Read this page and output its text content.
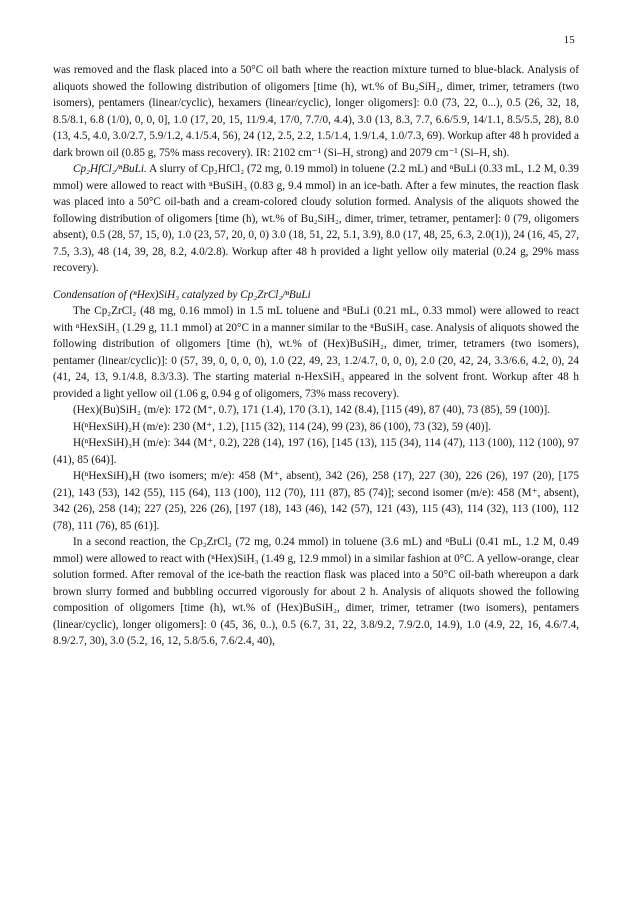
15

was removed and the flask placed into a 50°C oil bath where the reaction mixture turned to blue-black. Analysis of aliquots showed the following distribution of oligomers [time (h), wt.% of Bu₂SiH₂, dimer, trimer, tetramers (two isomers), pentamers (linear/cyclic), hexamers (linear/cyclic), longer oligomers]: 0.0 (73, 22, 0...), 0.5 (26, 32, 18, 8.5/8.1, 6.8 (1/0), 0, 0, 0], 1.0 (17, 20, 15, 11/9.4, 17/0, 7.7/0, 4.4), 3.0 (13, 8.3, 7.7, 6.6/5.9, 14/1.1, 8.5/5.5, 28), 8.0 (13, 4.5, 4.0, 3.0/2.7, 5.9/1.2, 4.1/5.4, 56), 24 (12, 2.5, 2.2, 1.5/1.4, 1.9/1.4, 1.0/7.3, 69). Workup after 48 h provided a dark brown oil (0.85 g, 75% mass recovery). IR: 2102 cm⁻¹ (Si–H, strong) and 2079 cm⁻¹ (Si–H, sh).

Cp₂HfCl₂/ⁿBuLi. A slurry of Cp₂HfCl₂ (72 mg, 0.19 mmol) in toluene (2.2 mL) and ⁿBuLi (0.33 mL, 1.2 M, 0.39 mmol) were allowed to react with ⁿBuSiH₃ (0.83 g, 9.4 mmol) in an ice-bath. After a few minutes, the reaction flask was placed into a 50°C oil-bath and a cream-colored cloudy solution formed. Analysis of the aliquots showed the following distribution of oligomers [time (h), wt.% of Bu₂SiH₂, dimer, trimer, tetramer, pentamer]: 0 (79, oligomers absent), 0.5 (28, 57, 15, 0), 1.0 (23, 57, 20, 0, 0) 3.0 (18, 51, 22, 5.1, 3.9), 8.0 (17, 48, 25, 6.3, 2.0(1)), 24 (16, 45, 27, 7.5, 3.3), 48 (14, 39, 28, 8.2, 4.0/2.8). Workup after 48 h provided a light yellow oily material (0.24 g, 29% mass recovery).

Condensation of (ⁿHex)SiH₃ catalyzed by Cp₂ZrCl₂/ⁿBuLi

The Cp₂ZrCl₂ (48 mg, 0.16 mmol) in 1.5 mL toluene and ⁿBuLi (0.21 mL, 0.33 mmol) were allowed to react with ⁿHexSiH₃ (1.29 g, 11.1 mmol) at 20°C in a manner similar to the ⁿBuSiH₃ case. Analysis of aliquots showed the following distribution of oligomers [time (h), wt.% of (Hex)BuSiH₂, dimer, trimer, tetramers (two isomers), pentamer (linear/cyclic)]: 0 (57, 39, 0, 0, 0, 0), 1.0 (22, 49, 23, 1.2/4.7, 0, 0, 0), 2.0 (20, 42, 24, 3.3/6.6, 4.2, 0), 24 (41, 24, 13, 9.1/4.8, 8.3/3.3). The starting material n-HexSiH₃ appeared in the solvent front. Workup after 48 h provided a light yellow oil (1.06 g, 0.94 g of oligomers, 73% mass recovery).

(Hex)(Bu)SiH₂ (m/e): 172 (M⁺, 0.7), 171 (1.4), 170 (3.1), 142 (8.4), [115 (49), 87 (40), 73 (85), 59 (100)].

H(ⁿHexSiH)₂H (m/e): 230 (M⁺, 1.2), [115 (32), 114 (24), 99 (23), 86 (100), 73 (32), 59 (40)].

H(ⁿHexSiH)₃H (m/e): 344 (M⁺, 0.2), 228 (14), 197 (16), [145 (13), 115 (34), 114 (47), 113 (100), 112 (100), 97 (41), 85 (64)].

H(ⁿHexSiH)₄H (two isomers; m/e): 458 (M⁺, absent), 342 (26), 258 (17), 227 (30), 226 (26), 197 (20), [175 (21), 143 (53), 142 (55), 115 (64), 113 (100), 112 (70), 111 (87), 85 (74)]; second isomer (m/e): 458 (M⁺, absent), 342 (26), 258 (14); 227 (25), 226 (26), [197 (18), 143 (46), 142 (57), 121 (43), 115 (43), 114 (32), 113 (100), 112 (78), 111 (76), 85 (61)].

In a second reaction, the Cp₂ZrCl₂ (72 mg, 0.24 mmol) in toluene (3.6 mL) and ⁿBuLi (0.41 mL, 1.2 M, 0.49 mmol) were allowed to react with (ⁿHex)SiH₃ (1.49 g, 12.9 mmol) in a similar fashion at 0°C. A yellow-orange, clear solution formed. After removal of the ice-bath the reaction flask was placed into a 50°C oil-bath whereupon a dark brown slurry formed and bubbling occurred vigorously for about 2 h. Analysis of aliquots showed the following composition of oligomers [time (h), wt.% of (Hex)BuSiH₂, dimer, trimer, tetramer (two isomers), pentamers (linear/cyclic), longer oligomers]: 0 (45, 36, 0..), 0.5 (6.7, 31, 22, 3.8/9.2, 7.9/2.0, 14.9), 1.0 (4.9, 22, 16, 4.6/7.4, 8.9/2.7, 30), 3.0 (5.2, 16, 12, 5.8/5.6, 7.6/2.4, 40),
